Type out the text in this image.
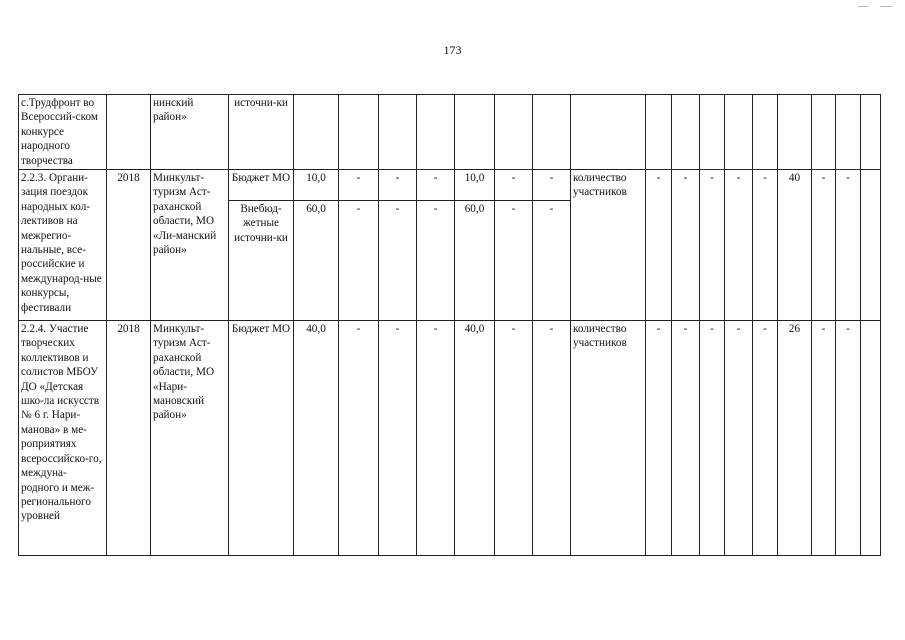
173
с.Трудфронт во Всероссий-ском конкурсе народного творчества		нинский район»	источни-ки																	
2.2.3. Органи-зация поездок народных кол-лективов на межрегио-нальные, все-российские и международ-ные конкурсы, фестивали	2018	Минкульт-туризм Аст-раханской области, МО «Ли-манский район»	Бюджет МО	10,0	-	-	-	10,0	-	-	количество участников	-	-	-	-	-	40	-	-	
			Внебюд-жетные источни-ки	60,0	-	-	-	60,0	-	-										
2.2.4. Участие творческих коллективов и солистов МБОУ ДО «Детская шко-ла искусств № 6 г. Нари-манова» в ме-роприятиях всероссийско-го, междуна-родного и меж-регионального уровней	2018	Минкульт-туризм Аст-раханской области, МО «Нари-мановский район»	Бюджет МО	40,0	-	-	-	40,0	-	-	количество участников	-	-	-	-	-	26	-	-	
